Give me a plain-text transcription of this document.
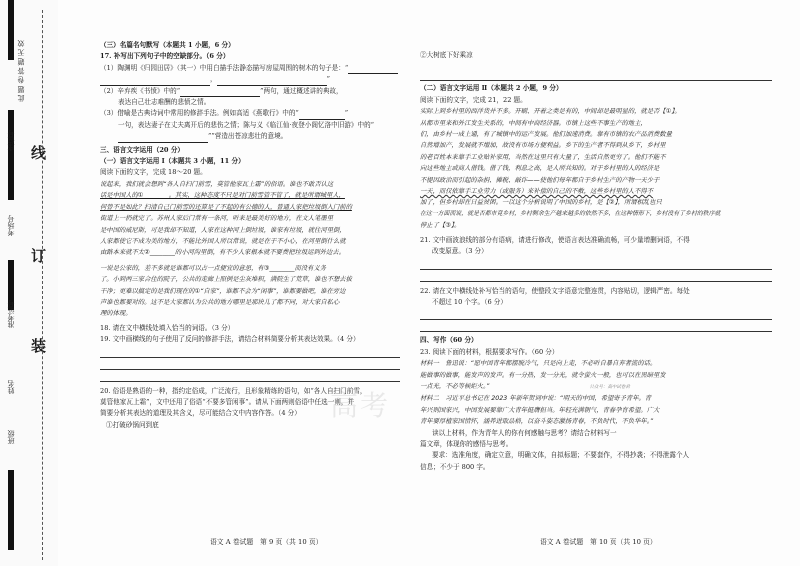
此 题 卷 答 题 无 效
班级
姓名
准考证号
考场号
座位号
装
订
线
高考

（三）名篇名句默写（本题共 1 小题，6 分）

17. 补写出下列句子中的空缺部分。（6 分）

（1）陶渊明《归园田居》（其一）中用白描手法静态描写房屋周围的树木的句子是：“

，	”

（2）辛弃疾《书愤》中的“	”两句，通过概述讲的典故，

表达自己壮志难酬的悲愤之情。

（3）借喻是古典诗词中常用的修辞手法。例如高适《燕歌行》中的“	”

一句，表达妻子在丈夫离开后的悲伤之情；陈与义《临江仙·夜登小阁忆洛中旧游》中的“

””营造出苍凉悲壮的意境。

三、语言文字运用（20 分）

（一）语言文字运用 Ⅰ（本题共 3 小题，11 分）

阅读下面的文字，完成 18～20 题。

说起来，我们就会想到“各人自扫门前雪，莫管他家瓦上霜”的俗语。谁也不敢否认这

话是中国人的①________。其实，这种态度不只是对门前雪管不管了，就是所谓城里人，

何曾不是如此？扫清自己门前雪的还算是了不起的有公德的人，普通人家把垃圾倒入门前的

街道上一扔就完了。苏州人家后门常有一条河，听来是最美好的地方，在文人笔墨里

是中国的威尼斯，可是我却不知道，人家在这种河上倒垃圾，谁家有垃圾，就往河里倒，

人家都使它不成为美的地方，不能比外国人所以常说，就是在于不小心，在河里倒什么就

由路本来就不太②________的小河沟里倒，有不少人家根本就不要费把垃圾运到外边去。

一说是公家的，差不多就是谁都可以占一点便宜的意思，有③________而没有义务

了。小到两三家合住的院子，公共的走廊上照例是尘灰堆积，满院生了荒草，谁也不想去拔

干净；更难以搞定的是我们现在的①“自家”，谁都不会为“闲事”，谁都要做吧，谁在旁边

声谁也都要对的。这不是大家都认为公共的地方哪里是那块儿了都不同，对大家自私心

理的体现。

18. 请在文中横线处填入恰当的词语。（3 分）

19. 文中画横线的句子使用了反问的修辞手法，请结合材料简要分析其表达效果。（4 分）

20. 俗语是熟语的一种，指约定俗成，广泛流行，且形象精练的语句，如“各人自扫门前雪，

莫管他家瓦上霜”，文中还用了俗语“不要多管闲事”。请从下面两则俗语中任选一则，并

简要分析其表达的道理及其含义，尽可能结合文中内容作答。（4 分）

①打破砂锅问到底

②大树底下好乘凉

（二）语言文字运用 Ⅱ（本题共 2 小题，9 分）

阅读下面的文字，完成 21，22 题。

实际上到乡村里的西洋货并不多。开刷、开着之类是有的，中间却是最明显的，就是否【①】。

从都市里来和外江发生关系的，中间有中商经济器。市镇上这些不事生产的地主，

们，由乡村一成上通，有了城镇中的运产发展。他们加速消费。靠有市镇的农产品消费数量

自然增加产，发展就不增加，故没有市场方便利益。乡下的生产者不得到从乡下，乡村里

的老百姓本来靠手工业贴补家用，当然在这里只有大量了，生活自然更穷了。他们不能不

向这些地主或商人借钱。借了钱，利息之高，是人所共知的。对于乡村里的人的经济是

不提因政治而引起的杂捐、摊税、敲诈——使他们每年都自于乡村生产的产物一天少于

一天，而仅依靠手工业劳力（或服务）来补偿的自己的不敷，这些乡村里的人不得不

加了，但乡村却在日益贫困。一以这个分析说明了中国的乡村，是【②】，所谓相乱也只

在这一方面而说，就是否都市竟乡村，乡村剩余生产越来越多的依然不多，在这种情形下，乡村没有了乡村的秩序就

停止了【③】。

21. 文中画波浪线的部分有语病，请进行修改，使语言表达准确流畅，可少量增删词语，不得

改变原意。（3 分）

22. 请在文中横线处补写恰当的语句，使整段文字语意完整连贯，内容贴切，逻辑严密。每处

不超过 10 个字。（6 分）

四、写作（60 分）

23. 阅读下面的材料，根据要求写作。（60 分）

材料一　鲁迅说：“愿中国青年都摆脱冷气，只是向上走，不必听自暴自弃者流的话。

能做事的做事，能发声的发声。有一分热，发一分光，就令萤火一般，也可以在黑暗里发

一点光，不必等候炬火。”	公众号：高中试卷君

材料二　习近平总书记在 2023 年新年贺词中说：“明天的中国，希望寄予青年。青

年兴则国家兴，中国发展要靠广大青年挺膺担当。年轻充满朝气，青春孕育希望。广大

青年要厚植家国情怀，涵养进取品格，以奋斗姿态激扬青春，不负时代，不负华年。”

读以上材料，作为青年人的你有何感触与思考？请结合材料写一

篇文章，体现你的感悟与思考。

要求：选准角度，确定立意，明确文体，自拟标题；不要套作，不得抄袭；不得泄露个人

信息；不少于 800 字。

语文 A 卷试题　第 9 页（共 10 页）	语文 A 卷试题　第 10 页（共 10 页）
